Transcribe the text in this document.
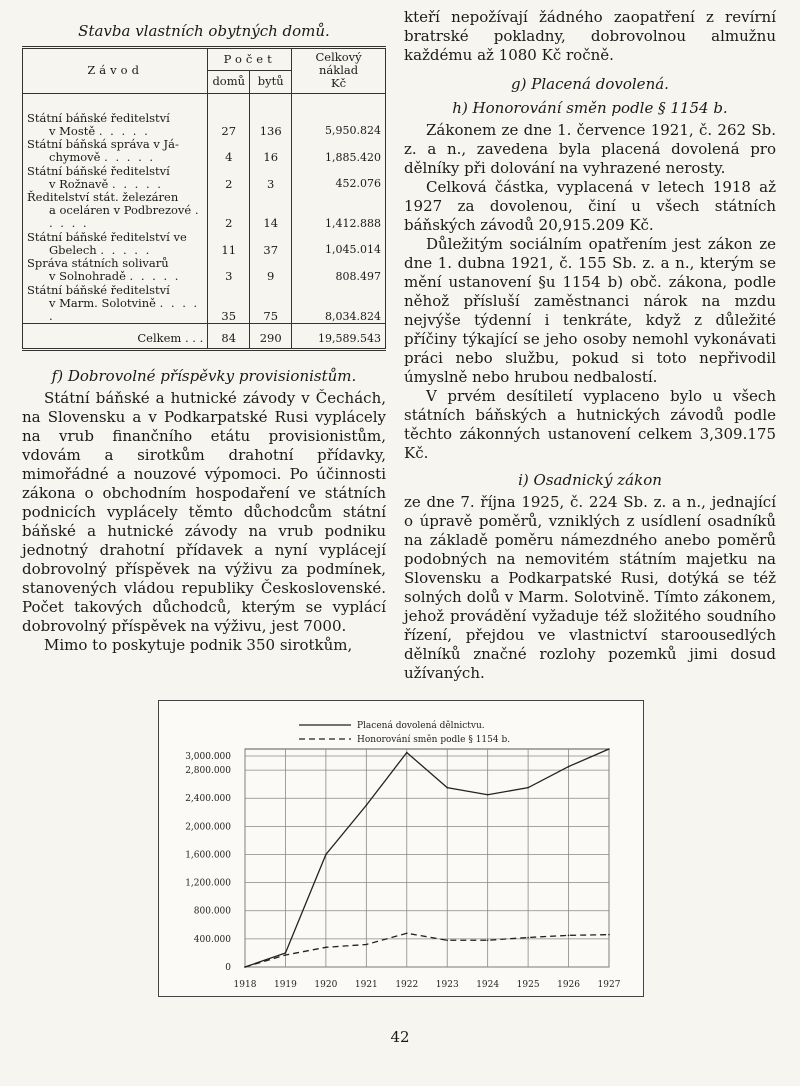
Stavba vlastních obytných domů.
Závod	Počet		Celkový
náklad
Kč

	domů	bytů	

Státní báňské ředitelství	27	136	5,950.824
v Mostě . . . . .			
Státní báňská správa v Já-	4	16	1,885.420
chymově . . . . .			
Státní báňské ředitelství	2	3	452.076
v Rožnavě . . . . .			
Ředitelství stát. železáren	2	14	1,412.888
a oceláren v Podbrezové . . . . .			
Státní báňské ředitelství ve	11	37	1,045.014
Gbelech . . . . .			
Správa státních solivarů	3	9	808.497
v Solnohradě . . . . .			
Státní báňské ředitelství	35	75	8,034.824
v Marm. Solotvině . . . . .			
Celkem . . .	84	290	19,589.543
f) Dobrovolné příspěvky provisionistům.

Státní báňské a hutnické závody v Čechách, na Slovensku a v Podkarpatské Rusi vyplácely na vrub finančního etátu provisionistům, vdovám a sirotkům drahotní přídavky, mimořádné a nouzové výpomoci. Po účinnosti zákona o obchodním hospodaření ve státních podnicích vyplácely těmto důchodcům státní báňské a hutnické závody na vrub podniku jednotný drahotní přídavek a nyní vyplácejí dobrovolný příspěvek na výživu za podmínek, stanovených vládou republiky Československé. Počet takových důchodců, kterým se vyplácí dobrovolný příspěvek na výživu, jest 7000.

Mimo to poskytuje podnik 350 sirotkům,

kteří nepožívají žádného zaopatření z revírní bratrské pokladny, dobrovolnou almužnu každému až 1080 Kč ročně.

g) Placená dovolená.
h) Honorování směn podle § 1154 b.

Zákonem ze dne 1. července 1921, č. 262 Sb. z. a n., zavedena byla placená dovolená pro dělníky při dolování na vyhrazené nerosty.

Celková částka, vyplacená v letech 1918 až 1927 za dovolenou, činí u všech státních báňských závodů 20,915.209 Kč.

Důležitým sociálním opatřením jest zákon ze dne 1. dubna 1921, č. 155 Sb. z. a n., kterým se mění ustanovení §u 1154 b) obč. zákona, podle něhož přísluší zaměstnanci nárok na mzdu nejvýše týdenní i tenkráte, když z důležité příčiny týkající se jeho osoby nemohl vykonávati práci nebo službu, pokud si toto nepřivodil úmyslně nebo hrubou nedbalostí.

V prvém desítiletí vyplaceno bylo u všech státních báňských a hutnických závodů podle těchto zákonných ustanovení celkem 3,309.175 Kč.

i) Osadnický zákon

ze dne 7. října 1925, č. 224 Sb. z. a n., jednající o úpravě poměrů, vzniklých z usídlení osadníků na základě poměru námezdného anebo poměrů podobných na nemovitém státním majetku na Slovensku a Podkarpatské Rusi, dotýká se též solných dolů v Marm. Solotvině. Tímto zákonem, jehož provádění vyžaduje též složitého soudního řízení, přejdou ve vlastnictví staroousedlých dělníků značné rozlohy pozemků jimi dosud užívaných.

0
400.000
800.000
1,200.000
1,600.000
2,000.000
2,400.000
2,800.000
3,000.000
1918 1919 1920 1921 1922 1923 1924 1925 1926 1927
Placená dovolená dělnictvu.
Honorování směn podle § 1154 b.
42
